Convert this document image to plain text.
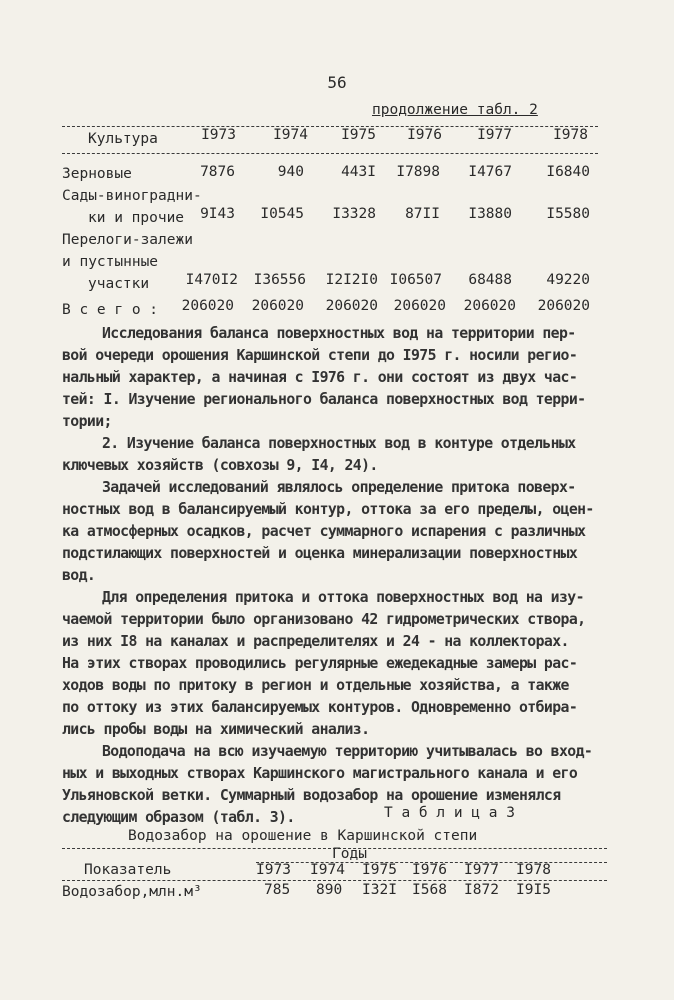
56
продолжение табл. 2
Культура	I973	I974	I975	I976	I977	I978
Зерновые	7876	940	443I	I7898	I4767	I6840
Сады-виноградни-
ки и прочие	9I43	I0545	I3328	87II	I3880	I5580
Перелоги-залежи
и пустынные
участки	I470I2	I36556	I2I2I0 I06507	68488	49220
В с е г о :	206020	206020	206020	206020	206020	206020
Исследования баланса поверхностных вод на территории пер-
вой очереди орошения Каршинской степи до I975 г. носили регио-
нальный характер, а начиная с I976 г. они состоят из двух час-
тей: I. Изучение регионального баланса поверхностных вод терри-
тории;
2. Изучение баланса поверхностных вод в контуре отдельных
ключевых хозяйств (совхозы 9, I4, 24).
Задачей исследований являлось определение притока поверх-
ностных вод в балансируемый контур, оттока за его пределы, оцен-
ка атмосферных осадков, расчет суммарного испарения с различных
подстилающих поверхностей и оценка минерализации поверхностных
вод.
Для определения притока и оттока поверхностных вод на изу-
чаемой территории было организовано 42 гидрометрических створа,
из них I8 на каналах и распределителях и 24 - на коллекторах.
На этих створах проводились регулярные ежедекадные замеры рас-
ходов воды по притоку в регион и отдельные хозяйства, а также
по оттоку из этих балансируемых контуров. Одновременно отбира-
лись пробы воды на химический анализ.
Водоподача на всю изучаемую территорию учитывалась во вход-
ных и выходных створах Каршинского магистрального канала и его
Ульяновской ветки. Суммарный водозабор на орошение изменялся
следующим образом (табл. 3).	Т а б л и ц а 3
Водозабор на орошение в Каршинской степи
Годы
Показатель	I973 I974 I975 I976 I977 I978
Водозабор,млн.м³	785 890 I32I I568 I872 I9I5
